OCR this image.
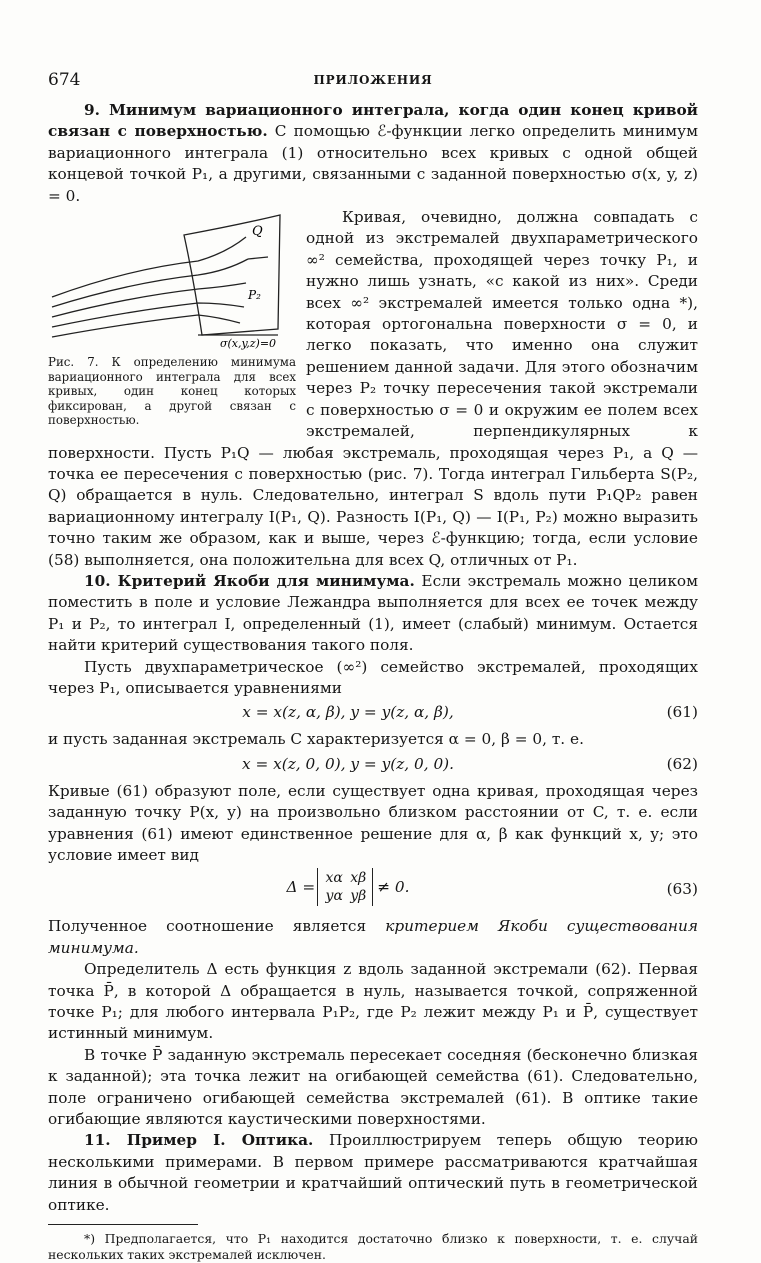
674	ПРИЛОЖЕНИЯ

9. Минимум вариационного интеграла, когда один конец кривой связан с поверхностью. С помощью ℰ-функции легко определить минимум вариационного интеграла (1) относительно всех кривых с одной общей концевой точкой P₁, а другими, связанными с заданной поверхностью σ(x, y, z) = 0.

Q
P₂
σ(x,y,z)=0
Рис. 7. К определению минимума вариационного интеграла для всех кривых, один конец которых фиксирован, а другой связан с поверхностью.

Кривая, очевидно, должна совпадать с одной из экстремалей двухпараметрического ∞² семейства, проходящей через точку P₁, и нужно лишь узнать, «с какой из них». Среди всех ∞² экстремалей имеется только одна *), которая ортогональна поверхности σ = 0, и легко показать, что именно она служит решением данной задачи. Для этого обозначим через P₂ точку пересечения такой экстремали с поверхностью σ = 0 и окружим ее полем всех экстремалей, перпендикулярных к поверхности. Пусть P₁Q — любая экстремаль, проходящая через P₁, а Q — точка ее пересечения с поверхностью (рис. 7). Тогда интеграл Гильберта S(P₂, Q) обращается в нуль. Следовательно, интеграл S вдоль пути P₁QP₂ равен вариационному интегралу I(P₁, Q). Разность I(P₁, Q) — I(P₁, P₂) можно выразить точно таким же образом, как и выше, через ℰ-функцию; тогда, если условие (58) выполняется, она положительна для всех Q, отличных от P₁.

10. Критерий Якоби для минимума. Если экстремаль можно целиком поместить в поле и условие Лежандра выполняется для всех ее точек между P₁ и P₂, то интеграл I, определенный (1), имеет (слабый) минимум. Остается найти критерий существования такого поля.

Пусть двухпараметрическое (∞²) семейство экстремалей, проходящих через P₁, описывается уравнениями

x = x(z, α, β), y = y(z, α, β),	(61)

и пусть заданная экстремаль C характеризуется α = 0, β = 0, т. е.

x = x(z, 0, 0), y = y(z, 0, 0).	(62)

Кривые (61) образуют поле, если существует одна кривая, проходящая через заданную точку P(x, y) на произвольно близком расстоянии от C, т. е. если уравнения (61) имеют единственное решение для α, β как функций x, y; это условие имеет вид

Δ = xα xβ
yα yβ ≠ 0.	(63)

Полученное соотношение является критерием Якоби существования минимума.

Определитель Δ есть функция z вдоль заданной экстремали (62). Первая точка P̄, в которой Δ обращается в нуль, называется точкой, сопряженной точке P₁; для любого интервала P₁P₂, где P₂ лежит между P₁ и P̄, существует истинный минимум.

В точке P̄ заданную экстремаль пересекает соседняя (бесконечно близкая к заданной); эта точка лежит на огибающей семейства (61). Следовательно, поле ограничено огибающей семейства экстремалей (61). В оптике такие огибающие являются каустическими поверхностями.

11. Пример I. Оптика. Проиллюстрируем теперь общую теорию несколькими примерами. В первом примере рассматриваются кратчайшая линия в обычной геометрии и кратчайший оптический путь в геометрической оптике.

*) Предполагается, что P₁ находится достаточно близко к поверхности, т. е. случай нескольких таких экстремалей исключен.
